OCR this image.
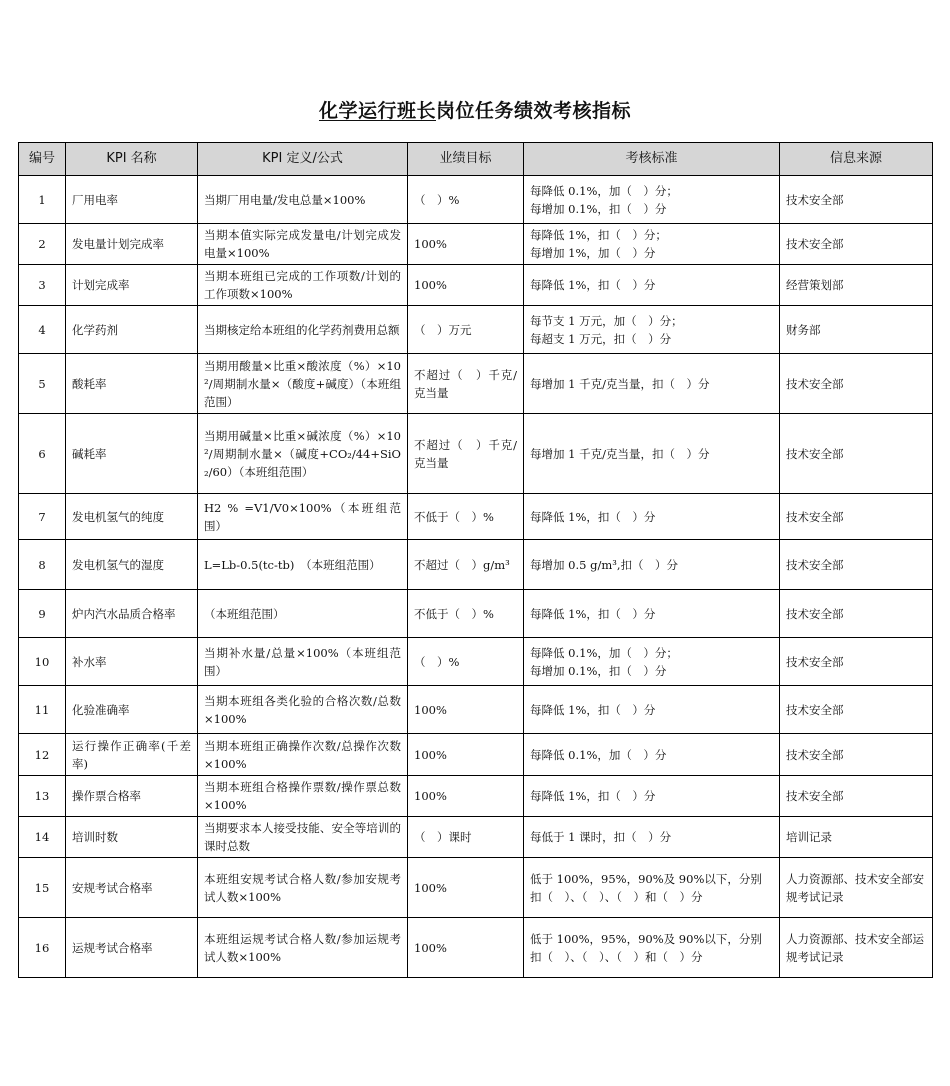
化学运行班长岗位任务绩效考核指标
编号	KPI 名称	KPI 定义/公式	业绩目标	考核标准	信息来源
1	厂用电率	当期厂用电量/发电总量×100%	（　）%	每降低 0.1%，加（　）分；
每增加 0.1%，扣（　）分	技术安全部
2	发电量计划完成率	当期本值实际完成发量电/计划完成发电量×100%	100%	每降低 1%，扣（　）分；
每增加 1%，加（　）分	技术安全部
3	计划完成率	当期本班组已完成的工作项数/计划的工作项数×100%	100%	每降低 1%，扣（　）分	经营策划部
4	化学药剂	当期核定给本班组的化学药剂费用总额	（　）万元	每节支 1 万元，加（　）分；
每超支 1 万元，扣（　）分	财务部
5	酸耗率	当期用酸量×比重×酸浓度（%）×10²/周期制水量×（酸度+碱度）（本班组范围）	不超过（　）千克/克当量	每增加 1 千克/克当量，扣（　）分	技术安全部
6	碱耗率	当期用碱量×比重×碱浓度（%）×10²/周期制水量×（碱度+CO₂/44+SiO₂/60）（本班组范围）	不超过（　）千克/克当量	每增加 1 千克/克当量，扣（　）分	技术安全部
7	发电机氢气的纯度	H2 % =V1/V0×100%（本班组范围）	不低于（　）%	每降低 1%，扣（　）分	技术安全部
8	发电机氢气的湿度	L=Lb-0.5(tc-tb)　（本班组范围）	不超过（　）g/m³	每增加 0.5 g/m³,扣（　）分	技术安全部
9	炉内汽水品质合格率	（本班组范围）	不低于（　）%	每降低 1%，扣（　）分	技术安全部
10	补水率	当期补水量/总量×100%（本班组范围）	（　）%	每降低 0.1%，加（　）分；
每增加 0.1%，扣（　）分	技术安全部
11	化验准确率	当期本班组各类化验的合格次数/总数×100%	100%	每降低 1%，扣（　）分	技术安全部
12	运行操作正确率(千差率)	当期本班组正确操作次数/总操作次数×100%	100%	每降低 0.1%，加（　）分	技术安全部
13	操作票合格率	当期本班组合格操作票数/操作票总数×100%	100%	每降低 1%，扣（　）分	技术安全部
14	培训时数	当期要求本人接受技能、安全等培训的课时总数	（　）课时	每低于 1 课时，扣（　）分	培训记录
15	安规考试合格率	本班组安规考试合格人数/参加安规考试人数×100%	100%	低于 100%，95%，90%及 90%以下，分别扣（　）、（　）、（　）和（　）分	人力资源部、技术安全部安规考试记录
16	运规考试合格率	本班组运规考试合格人数/参加运规考试人数×100%	100%	低于 100%，95%，90%及 90%以下，分别扣（　）、（　）、（　）和（　）分	人力资源部、技术安全部运规考试记录
